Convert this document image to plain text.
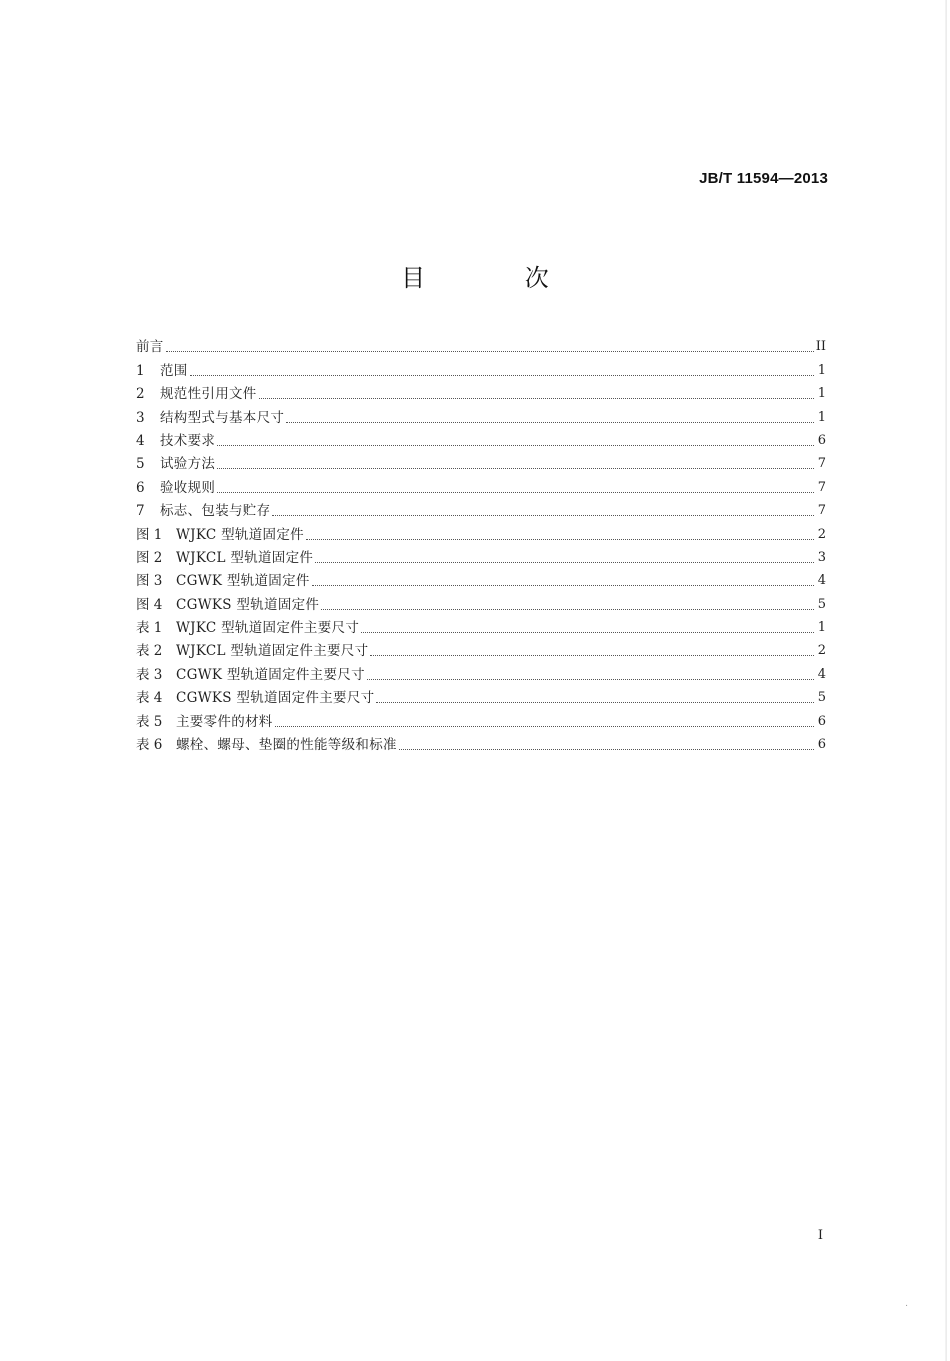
JB/T 11594—2013
目 次
前言	II
1 范围	1
2 规范性引用文件	1
3 结构型式与基本尺寸	1
4 技术要求	6
5 试验方法	7
6 验收规则	7
7 标志、包装与贮存	7
图 1 WJKC 型轨道固定件	2
图 2 WJKCL 型轨道固定件	3
图 3 CGWK 型轨道固定件	4
图 4 CGWKS 型轨道固定件	5
表 1 WJKC 型轨道固定件主要尺寸	1
表 2 WJKCL 型轨道固定件主要尺寸	2
表 3 CGWK 型轨道固定件主要尺寸	4
表 4 CGWKS 型轨道固定件主要尺寸	5
表 5 主要零件的材料	6
表 6 螺栓、螺母、垫圈的性能等级和标准	6
I
.
